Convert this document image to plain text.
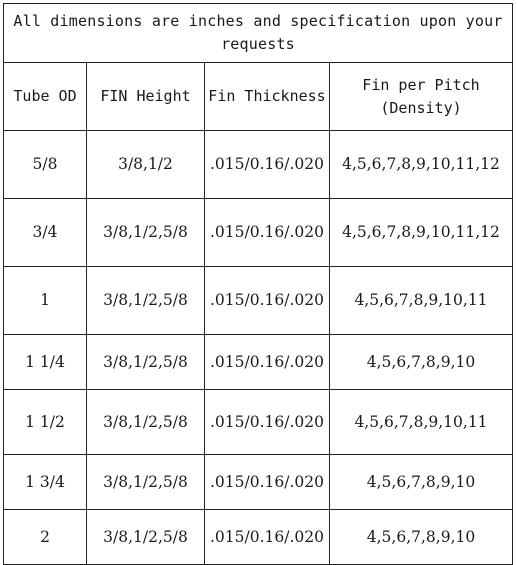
All dimensions are inches and specification upon your requests			
Tube OD	FIN Height	Fin Thickness	Fin per Pitch(Density)
5/8	3/8,1/2	.015/0.16/.020	4,5,6,7,8,9,10,11,12
3/4	3/8,1/2,5/8	.015/0.16/.020	4,5,6,7,8,9,10,11,12
1	3/8,1/2,5/8	.015/0.16/.020	4,5,6,7,8,9,10,11
1 1/4	3/8,1/2,5/8	.015/0.16/.020	4,5,6,7,8,9,10
1 1/2	3/8,1/2,5/8	.015/0.16/.020	4,5,6,7,8,9,10,11
1 3/4	3/8,1/2,5/8	.015/0.16/.020	4,5,6,7,8,9,10
2	3/8,1/2,5/8	.015/0.16/.020	4,5,6,7,8,9,10
